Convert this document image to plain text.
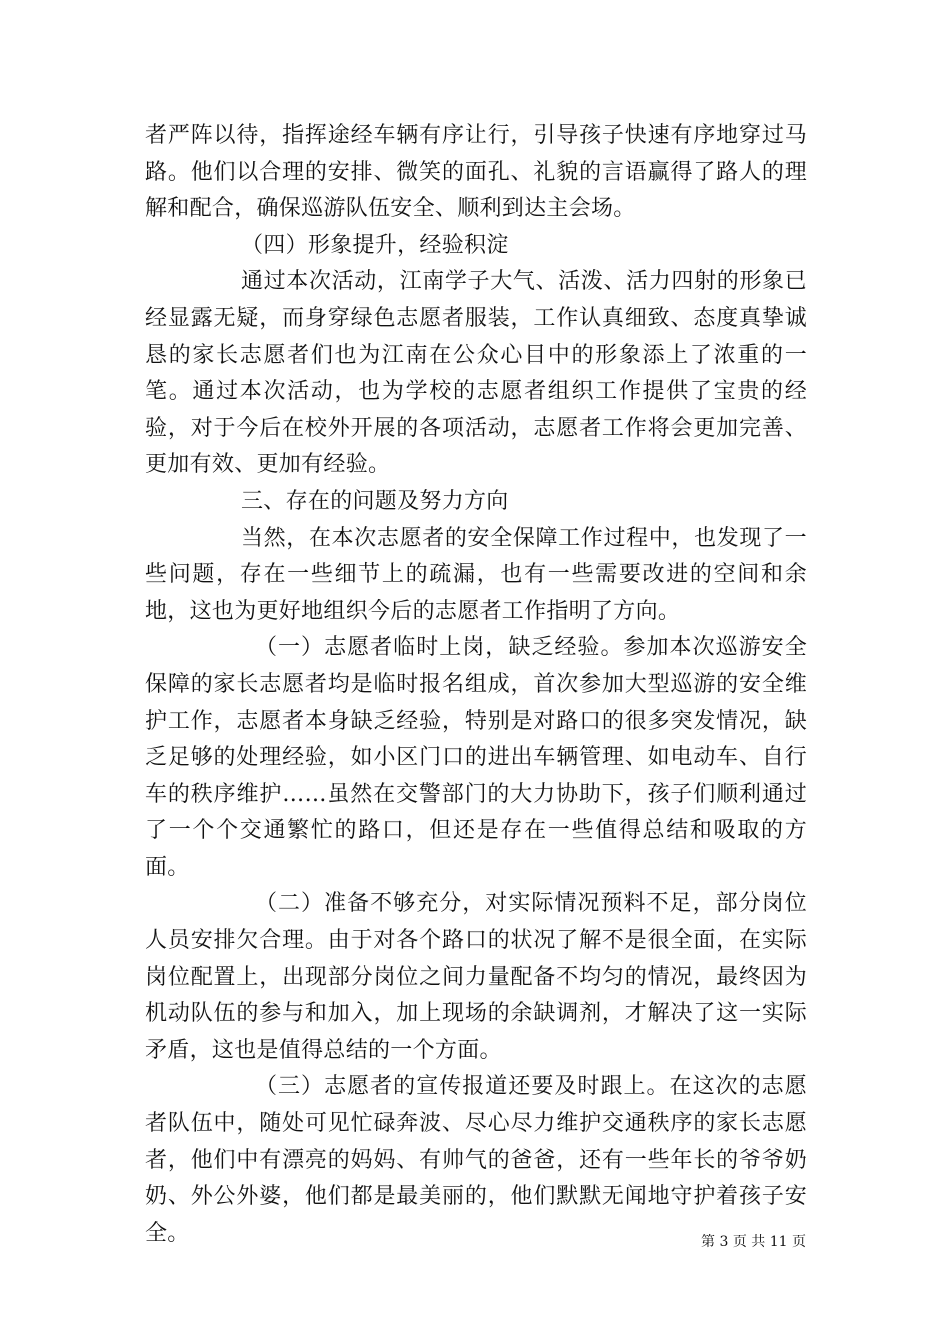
者严阵以待，指挥途经车辆有序让行，引导孩子快速有序地穿过马路。他们以合理的安排、微笑的面孔、礼貌的言语赢得了路人的理解和配合，确保巡游队伍安全、顺利到达主会场。

（四）形象提升，经验积淀

通过本次活动，江南学子大气、活泼、活力四射的形象已经显露无疑，而身穿绿色志愿者服装，工作认真细致、态度真挚诚恳的家长志愿者们也为江南在公众心目中的形象添上了浓重的一笔。通过本次活动，也为学校的志愿者组织工作提供了宝贵的经验，对于今后在校外开展的各项活动，志愿者工作将会更加完善、更加有效、更加有经验。

三、存在的问题及努力方向

当然，在本次志愿者的安全保障工作过程中，也发现了一些问题，存在一些细节上的疏漏，也有一些需要改进的空间和余地，这也为更好地组织今后的志愿者工作指明了方向。

（一）志愿者临时上岗，缺乏经验。参加本次巡游安全保障的家长志愿者均是临时报名组成，首次参加大型巡游的安全维护工作，志愿者本身缺乏经验，特别是对路口的很多突发情况，缺乏足够的处理经验，如小区门口的进出车辆管理、如电动车、自行车的秩序维护……虽然在交警部门的大力协助下，孩子们顺利通过了一个个交通繁忙的路口，但还是存在一些值得总结和吸取的方面。

（二）准备不够充分，对实际情况预料不足，部分岗位人员安排欠合理。由于对各个路口的状况了解不是很全面，在实际岗位配置上，出现部分岗位之间力量配备不均匀的情况，最终因为机动队伍的参与和加入，加上现场的余缺调剂，才解决了这一实际矛盾，这也是值得总结的一个方面。

（三）志愿者的宣传报道还要及时跟上。在这次的志愿者队伍中，随处可见忙碌奔波、尽心尽力维护交通秩序的家长志愿者，他们中有漂亮的妈妈、有帅气的爸爸，还有一些年长的爷爷奶奶、外公外婆，他们都是最美丽的，他们默默无闻地守护着孩子安全。	第 3 页 共 11 页
